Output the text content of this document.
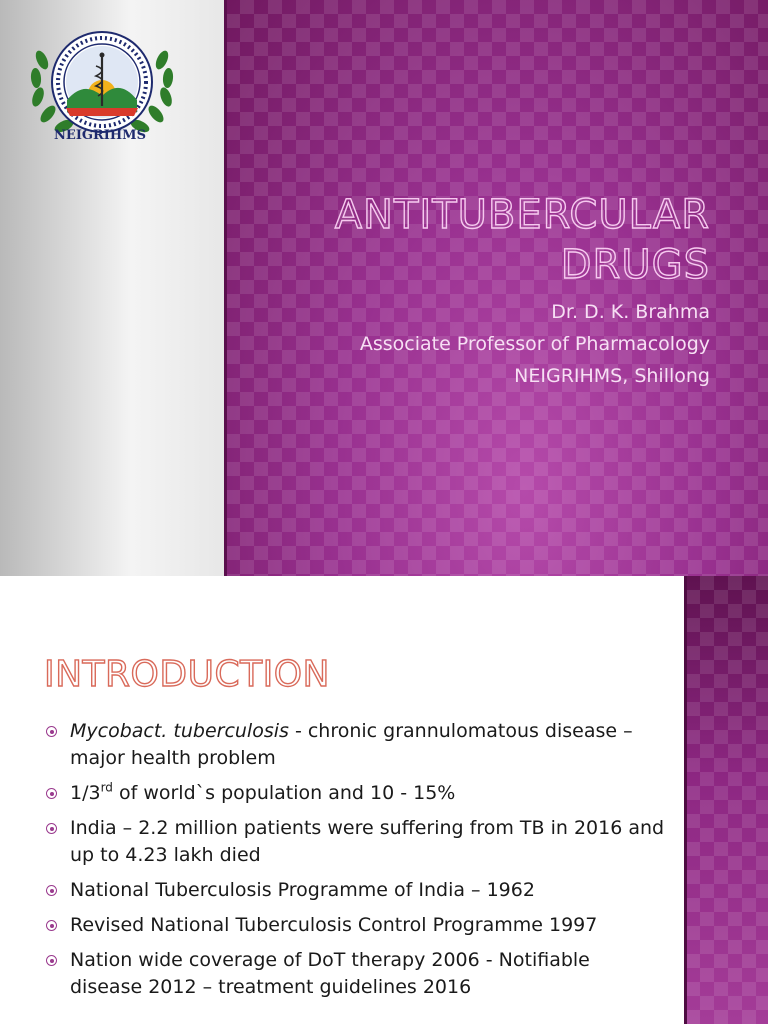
NEIGRIHMS
ANTITUBERCULAR
DRUGS
Dr. D. K. Brahma
Associate Professor of Pharmacology
NEIGRIHMS, Shillong
INTRODUCTION
Mycobact. tuberculosis - chronic grannulomatous disease – major health problem
1/3rd of world`s population and 10 - 15%
India – 2.2 million patients were suffering from TB in 2016 and up to 4.23 lakh died
National Tuberculosis Programme of India – 1962
Revised National Tuberculosis Control Programme 1997
Nation wide coverage of DoT therapy 2006 - Notifiable disease 2012 – treatment guidelines 2016
